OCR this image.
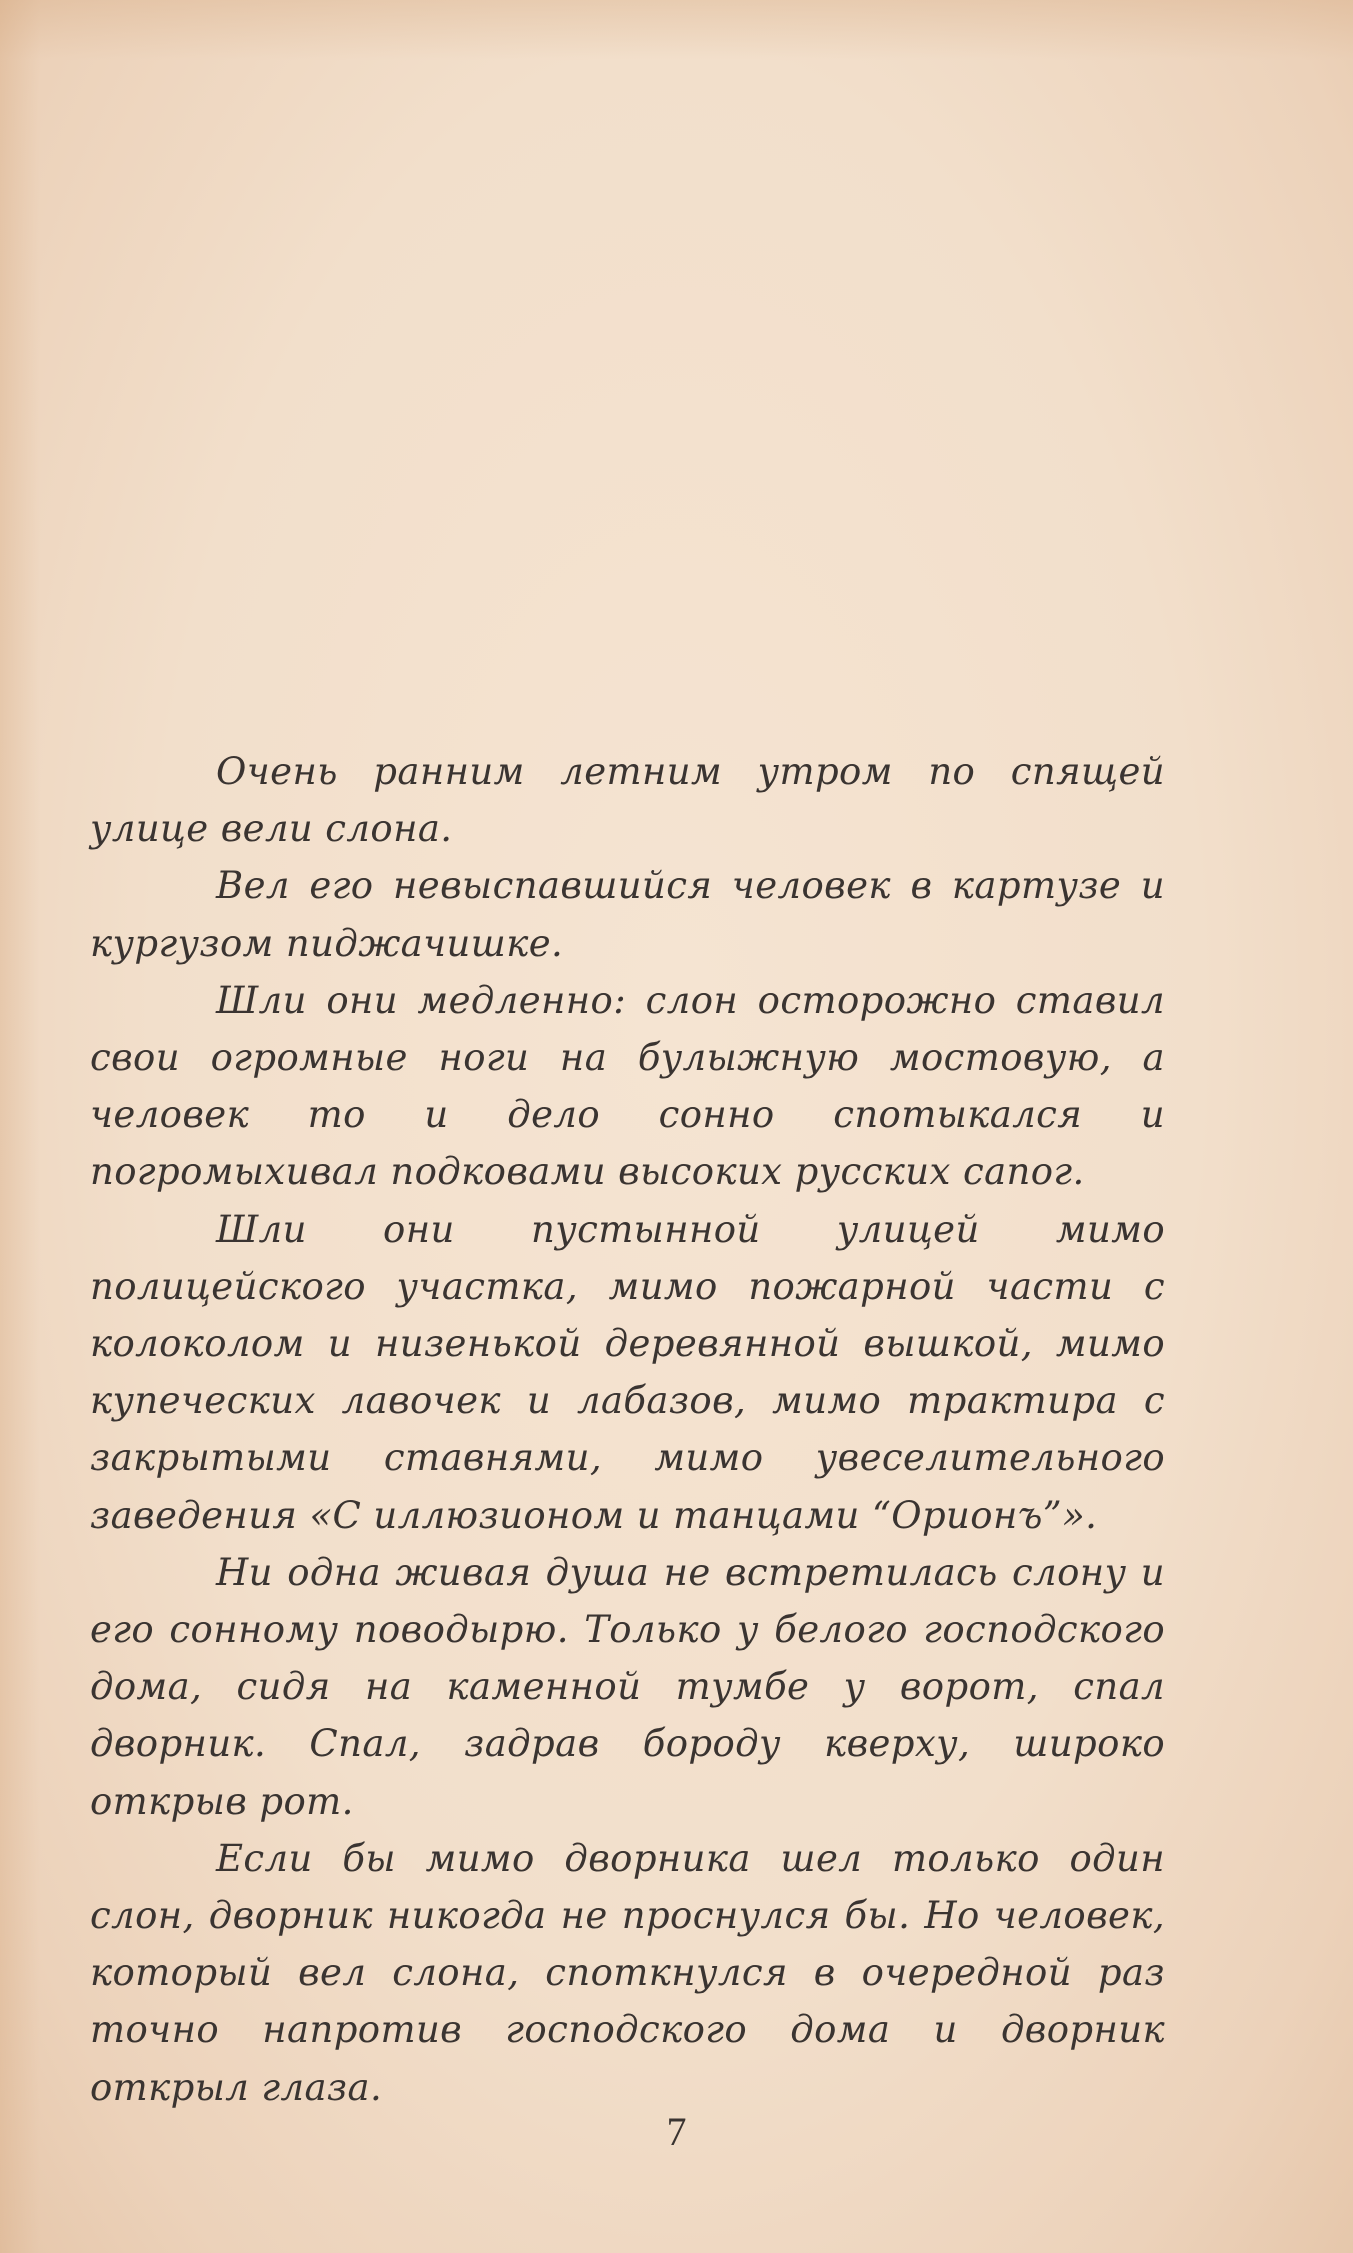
Очень ранним летним утром по спящей улице вели слона.

Вел его невыспавшийся человек в картузе и кургузом пиджачишке.

Шли они медленно: слон осторожно ставил свои огромные ноги на булыжную мостовую, а человек то и дело сонно спотыкался и погромыхивал подковами высоких русских сапог.

Шли они пустынной улицей мимо полицейского участка, мимо пожарной части с колоколом и низенькой деревянной вышкой, мимо купеческих лавочек и лабазов, мимо трактира с закрытыми ставнями, мимо увеселительного заведения «С иллюзионом и танцами “Орионъ”».

Ни одна живая душа не встретилась слону и его сонному поводырю. Только у белого господского дома, сидя на каменной тумбе у ворот, спал дворник. Спал, задрав бороду кверху, широко открыв рот.

Если бы мимо дворника шел только один слон, дворник никогда не проснулся бы. Но человек, который вел слона, споткнулся в очередной раз точно напротив господского дома и дворник открыл глаза.

7
